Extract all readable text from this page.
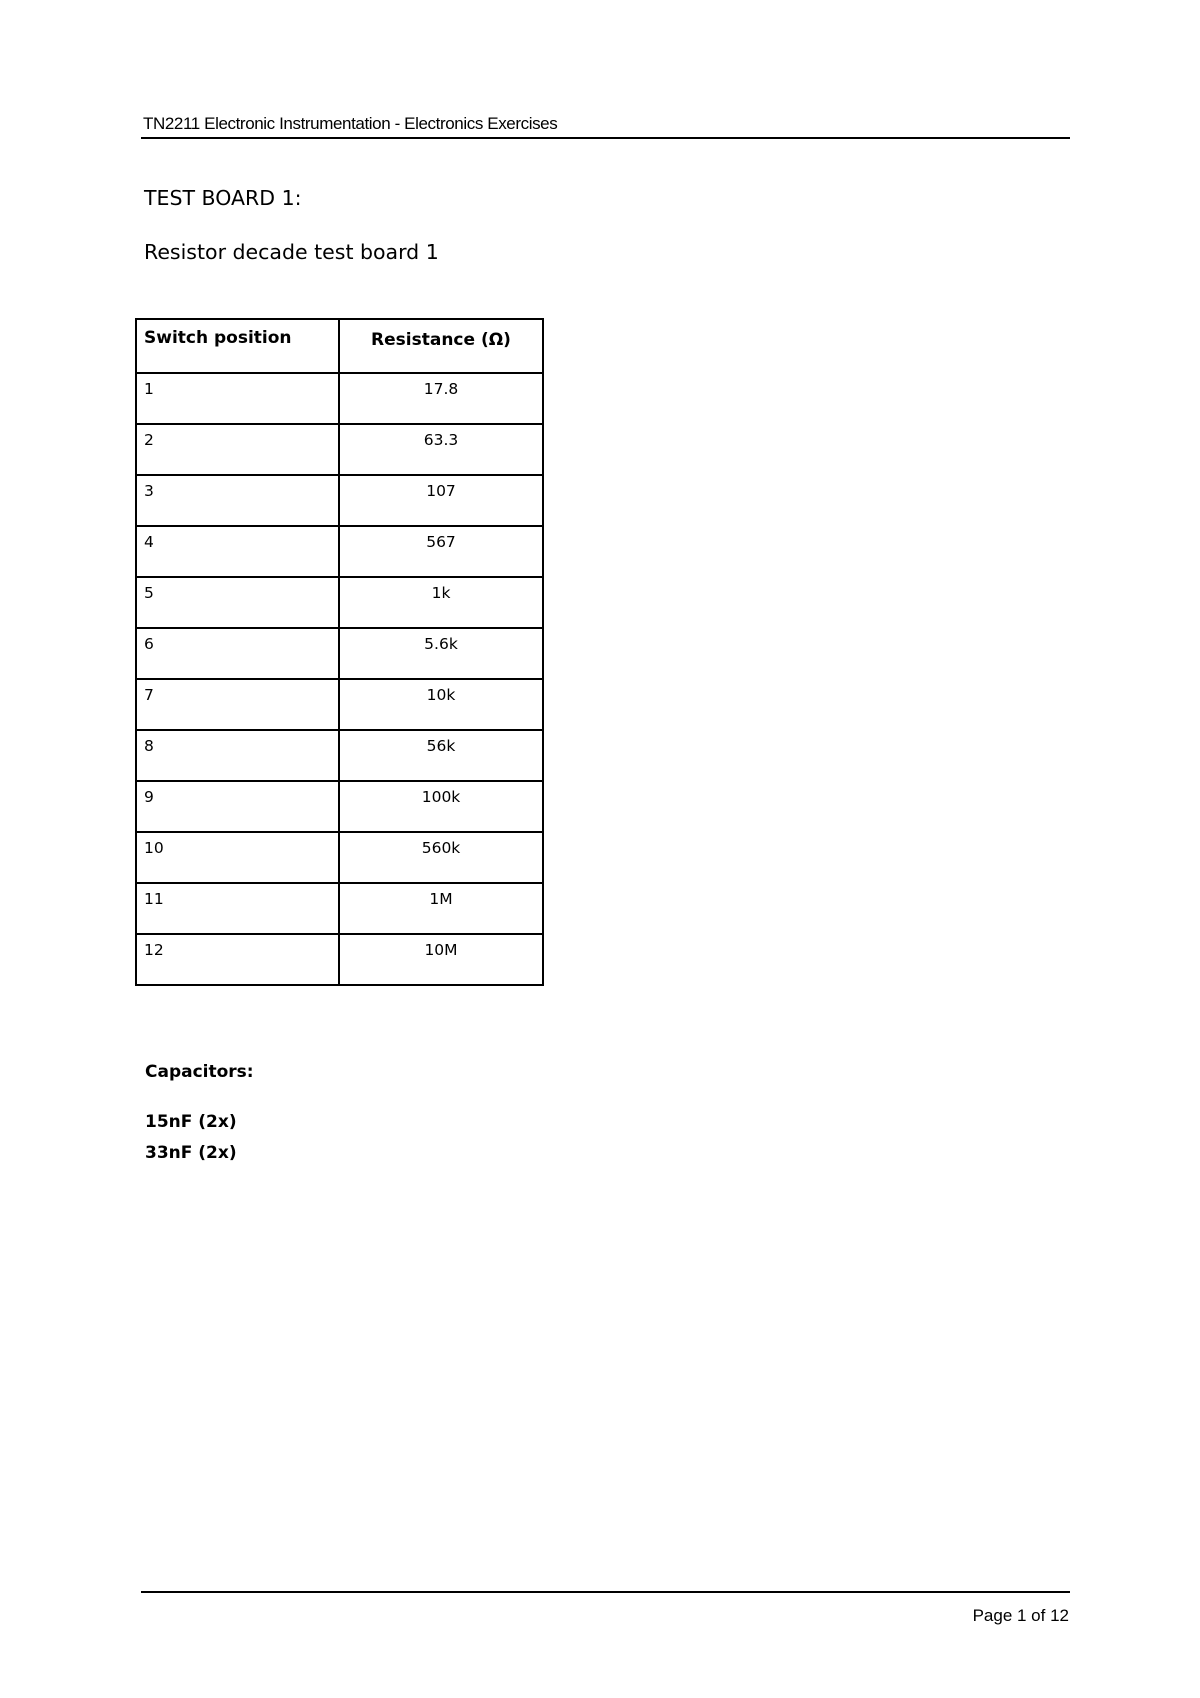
TN2211 Electronic Instrumentation - Electronics Exercises
TEST BOARD 1:
Resistor decade test board 1
Switch position	Resistance (Ω)

1	17.8

2	63.3

3	107

4	567

5	1k

6	5.6k

7	10k

8	56k

9	100k

10	560k

11	1M

12	10M
Capacitors:
15nF (2x)
33nF (2x)
Page 1 of 12
